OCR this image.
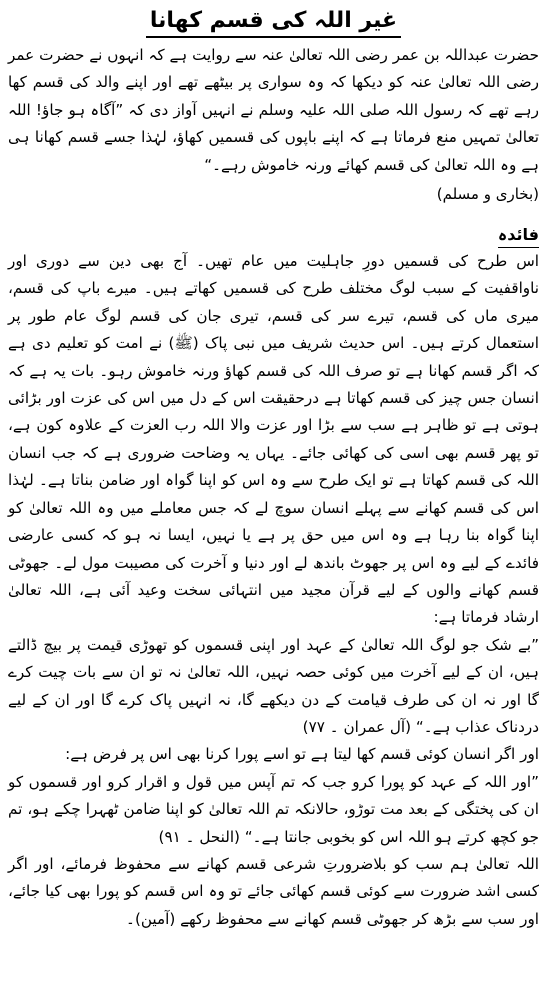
غیر اللہ کی قسم کھانا

حضرت عبداللہ بن عمر رضی اللہ تعالیٰ عنہ سے روایت ہے کہ انہوں نے حضرت عمر رضی اللہ تعالیٰ عنہ کو دیکھا کہ وہ سواری پر بیٹھے تھے اور اپنے والد کی قسم کھا رہے تھے کہ رسول اللہ صلی اللہ علیہ وسلم نے انہیں آواز دی کہ ”آگاہ ہو جاؤ! اللہ تعالیٰ تمہیں منع فرماتا ہے کہ اپنے باپوں کی قسمیں کھاؤ، لہٰذا جسے قسم کھانا ہی ہے وہ اللہ تعالیٰ کی قسم کھائے ورنہ خاموش رہے۔“

(بخاری و مسلم)

فائدہ

اس طرح کی قسمیں دورِ جاہلیت میں عام تھیں۔ آج بھی دین سے دوری اور ناواقفیت کے سبب لوگ مختلف طرح کی قسمیں کھاتے ہیں۔ میرے باپ کی قسم، میری ماں کی قسم، تیرے سر کی قسم، تیری جان کی قسم لوگ عام طور پر استعمال کرتے ہیں۔ اس حدیث شریف میں نبی پاک (ﷺ) نے امت کو تعلیم دی ہے کہ اگر قسم کھانا ہے تو صرف اللہ کی قسم کھاؤ ورنہ خاموش رہو۔ بات یہ ہے کہ انسان جس چیز کی قسم کھاتا ہے درحقیقت اس کے دل میں اس کی عزت اور بڑائی ہوتی ہے تو ظاہر ہے سب سے بڑا اور عزت والا اللہ رب العزت کے علاوہ کون ہے، تو پھر قسم بھی اسی کی کھائی جائے۔ یہاں یہ وضاحت ضروری ہے کہ جب انسان اللہ کی قسم کھاتا ہے تو ایک طرح سے وہ اس کو اپنا گواہ اور ضامن بناتا ہے۔ لہٰذا اس کی قسم کھانے سے پہلے انسان سوچ لے کہ جس معاملے میں وہ اللہ تعالیٰ کو اپنا گواہ بنا رہا ہے وہ اس میں حق پر ہے یا نہیں، ایسا نہ ہو کہ کسی عارضی فائدے کے لیے وہ اس پر جھوٹ باندھ لے اور دنیا و آخرت کی مصیبت مول لے۔ جھوٹی قسم کھانے والوں کے لیے قرآن مجید میں انتہائی سخت وعید آئی ہے، اللہ تعالیٰ ارشاد فرماتا ہے:

”بے شک جو لوگ اللہ تعالیٰ کے عہد اور اپنی قسموں کو تھوڑی قیمت پر بیچ ڈالتے ہیں، ان کے لیے آخرت میں کوئی حصہ نہیں، اللہ تعالیٰ نہ تو ان سے بات چیت کرے گا اور نہ ان کی طرف قیامت کے دن دیکھے گا، نہ انہیں پاک کرے گا اور ان کے لیے دردناک عذاب ہے۔“ (آل عمران ۔ ۷۷)

اور اگر انسان کوئی قسم کھا لیتا ہے تو اسے پورا کرنا بھی اس پر فرض ہے:

”اور اللہ کے عہد کو پورا کرو جب کہ تم آپس میں قول و اقرار کرو اور قسموں کو ان کی پختگی کے بعد مت توڑو، حالانکہ تم اللہ تعالیٰ کو اپنا ضامن ٹھہرا چکے ہو، تم جو کچھ کرتے ہو اللہ اس کو بخوبی جانتا ہے۔“ (النحل ۔ ۹۱)

اللہ تعالیٰ ہم سب کو بلاضرورتِ شرعی قسم کھانے سے محفوظ فرمائے، اور اگر کسی اشد ضرورت سے کوئی قسم کھائی جائے تو وہ اس قسم کو پورا بھی کیا جائے، اور سب سے بڑھ کر جھوٹی قسم کھانے سے محفوظ رکھے (آمین)۔
